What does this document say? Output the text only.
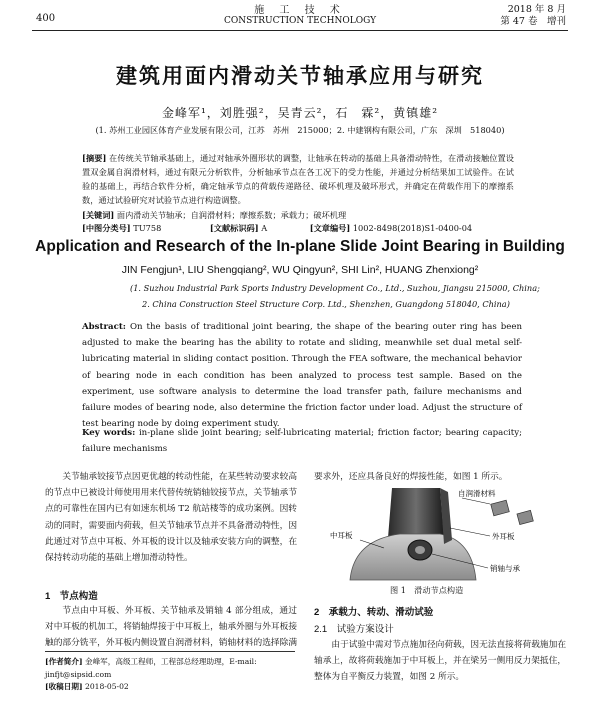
400
施 工 技 术
CONSTRUCTION TECHNOLOGY
2018 年 8 月
第 47 卷　增刊
建筑用面内滑动关节轴承应用与研究
金峰军¹，刘胜强²，吴青云²，石　霖²，黄镇雄²
(1. 苏州工业园区体育产业发展有限公司，江苏　苏州　215000；2. 中建钢构有限公司，广东　深圳　518040)
[摘要] 在传统关节轴承基础上，通过对轴承外圈形状的调整，让轴承在转动的基础上具备滑动特性，在滑动接触位置设置双金属自润滑材料，通过有限元分析软件，分析轴承节点在各工况下的受力性能，并通过分析结果加工试验件。在试验的基础上，再结合软件分析，确定轴承节点的荷载传递路径、破坏机理及破坏形式，并确定在荷载作用下的摩擦系数，通过试验研究对试验节点进行构造调整。
[关键词] 面内滑动关节轴承；自润滑材料；摩擦系数；承载力；破坏机理
[中图分类号] TU758	[文献标识码] A	[文章编号] 1002-8498(2018)S1-0400-04
Application and Research of the In-plane Slide Joint Bearing in Building
JIN Fengjun¹, LIU Shengqiang², WU Qingyun², SHI Lin², HUANG Zhenxiong²
(1. Suzhou Industrial Park Sports Industry Development Co., Ltd., Suzhou, Jiangsu 215000, China;
2. China Construction Steel Structure Corp. Ltd., Shenzhen, Guangdong 518040, China)
Abstract: On the basis of traditional joint bearing, the shape of the bearing outer ring has been adjusted to make the bearing has the ability to rotate and sliding, meanwhile set dual metal self-lubricating material in sliding contact position. Through the FEA software, the mechanical behavior of bearing node in each condition has been analyzed to process test sample. Based on the experiment, use software analysis to determine the load transfer path, failure mechanisms and failure modes of bearing node, also determine the friction factor under load. Adjust the structure of test bearing node by doing experiment study.
Key words: in-plane slide joint bearing; self-lubricating material; friction factor; bearing capacity; failure mechanisms
关节轴承铰接节点因更优越的转动性能，在某些转动要求较高的节点中已被设计师使用用来代替传统销轴铰接节点，关节轴承节点的可靠性在国内已有如速东机场 T2 航站楼等的成功案例。因转动的同时，需要面内荷载，但关节轴承节点并不具备滑动特性，因此通过对节点中耳板、外耳板的设计以及轴承安装方向的调整，在保持转动功能的基础上增加滑动特性。
1　节点构造
节点由中耳板、外耳板、关节轴承及销轴 4 部分组成，通过对中耳板的机加工，将销轴焊接于中耳板上，轴承外圈与外耳板接触的部分铣平，外耳板内侧设置自润滑材料，销轴材料的选择除满
[作者简介] 金峰军，高级工程师，工程部总经理助理，E-mail: jinfjt@sipsid.com
[收稿日期] 2018-05-02
要求外，还应具备良好的焊接性能，如图 1 所示。
自润滑材料
中耳板	外耳板
销轴与承
图 1　滑动节点构造
2　承载力、转动、滑动试验
2.1　试验方案设计
由于试验中需对节点施加径向荷载，因无法直接将荷载施加在轴承上，故将荷载施加于中耳板上，并在梁另一侧用反力架抵住，整体为自平衡反力装置，如图 2 所示。
